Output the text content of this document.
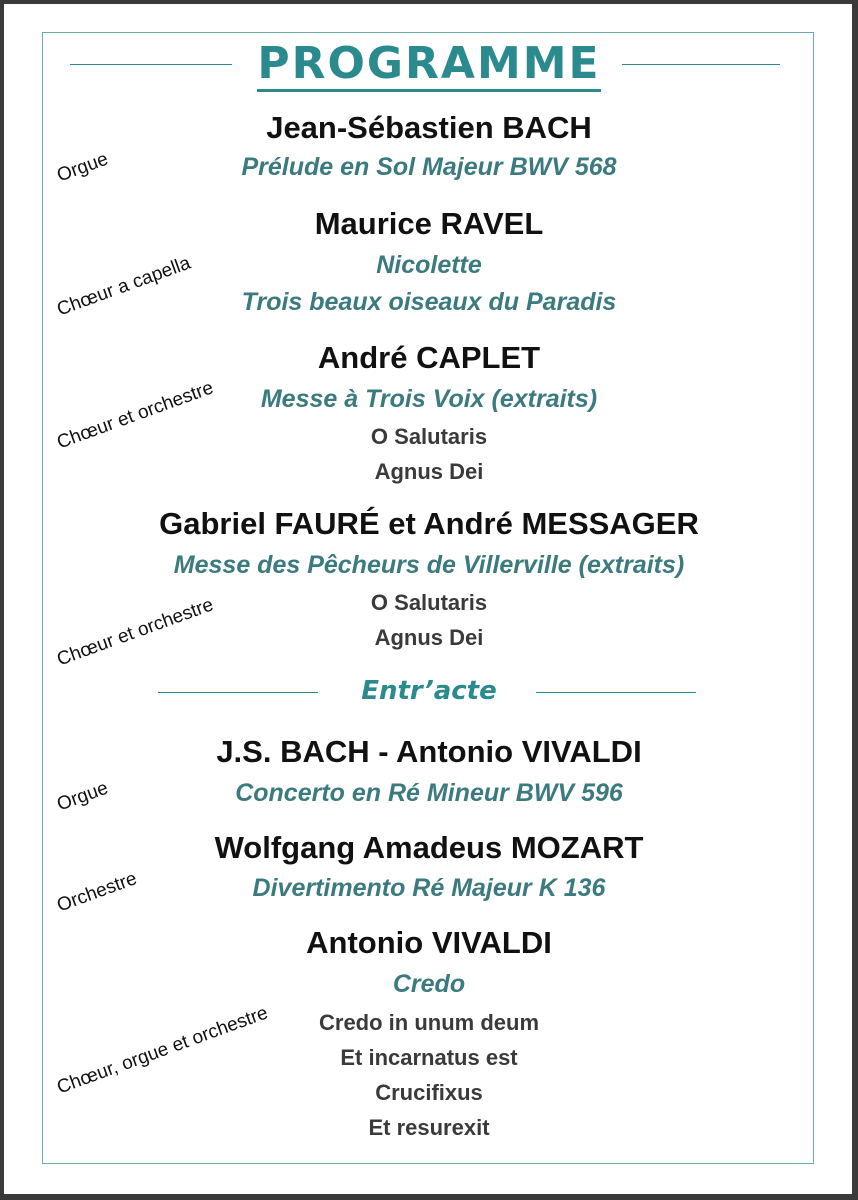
PROGRAMME
Jean-Sébastien BACH
Prélude en Sol Majeur BWV 568
Orgue
Maurice RAVEL
Nicolette
Trois beaux oiseaux du Paradis
Chœur a capella
André CAPLET
Messe à Trois Voix (extraits)
O Salutaris
Agnus Dei
Chœur et orchestre
Gabriel FAURÉ et André MESSAGER
Messe des Pêcheurs de Villerville (extraits)
O Salutaris
Agnus Dei
Chœur et orchestre
Entr’acte
J.S. BACH - Antonio VIVALDI
Concerto en Ré Mineur BWV 596
Orgue
Wolfgang Amadeus MOZART
Divertimento Ré Majeur K 136
Orchestre
Antonio VIVALDI
Credo
Credo in unum deum
Et incarnatus est
Crucifixus
Et resurexit
Chœur, orgue et orchestre
